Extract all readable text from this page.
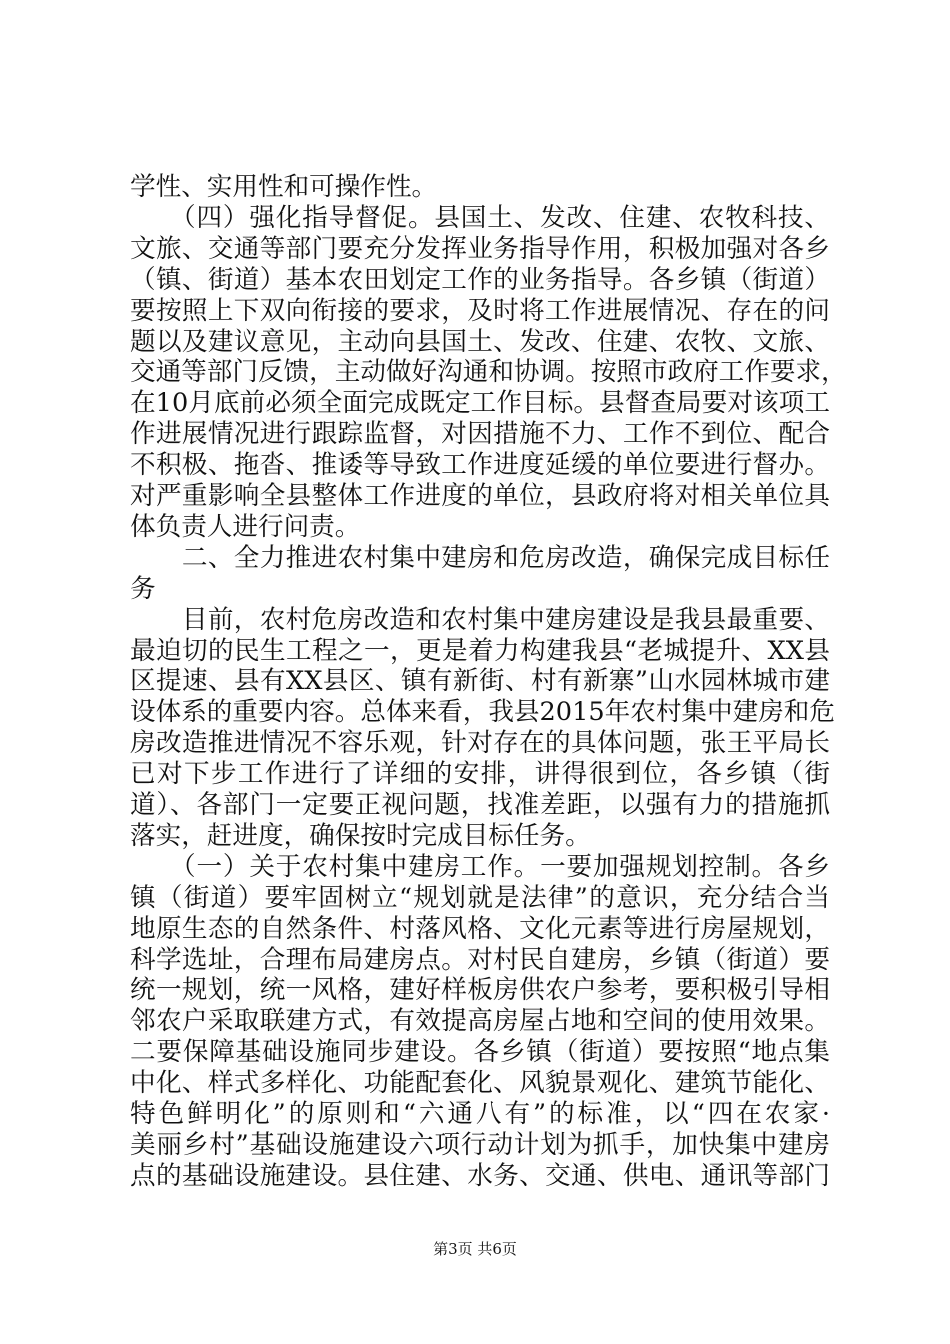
学性、实用性和可操作性。
　　（四）强化指导督促。县国土、发改、住建、农牧科技、
文旅、交通等部门要充分发挥业务指导作用，积极加强对各乡
（镇、街道）基本农田划定工作的业务指导。各乡镇（街道）
要按照上下双向衔接的要求，及时将工作进展情况、存在的问
题以及建议意见，主动向县国土、发改、住建、农牧、文旅、
交通等部门反馈，主动做好沟通和协调。按照市政府工作要求，
在10月底前必须全面完成既定工作目标。县督查局要对该项工
作进展情况进行跟踪监督，对因措施不力、工作不到位、配合
不积极、拖沓、推诿等导致工作进度延缓的单位要进行督办。
对严重影响全县整体工作进度的单位，县政府将对相关单位具
体负责人进行问责。
　　二、全力推进农村集中建房和危房改造，确保完成目标任
务
　　目前，农村危房改造和农村集中建房建设是我县最重要、
最迫切的民生工程之一，更是着力构建我县“老城提升、XX县
区提速、县有XX县区、镇有新街、村有新寨”山水园林城市建
设体系的重要内容。总体来看，我县2015年农村集中建房和危
房改造推进情况不容乐观，针对存在的具体问题，张王平局长
已对下步工作进行了详细的安排，讲得很到位，各乡镇（街
道）、各部门一定要正视问题，找准差距，以强有力的措施抓
落实，赶进度，确保按时完成目标任务。
　　（一）关于农村集中建房工作。一要加强规划控制。各乡
镇（街道）要牢固树立“规划就是法律”的意识，充分结合当
地原生态的自然条件、村落风格、文化元素等进行房屋规划，
科学选址，合理布局建房点。对村民自建房，乡镇（街道）要
统一规划，统一风格，建好样板房供农户参考，要积极引导相
邻农户采取联建方式，有效提高房屋占地和空间的使用效果。
二要保障基础设施同步建设。各乡镇（街道）要按照“地点集
中化、样式多样化、功能配套化、风貌景观化、建筑节能化、
特色鲜明化”的原则和“六通八有”的标准，以“四在农家·
美丽乡村”基础设施建设六项行动计划为抓手，加快集中建房
点的基础设施建设。县住建、水务、交通、供电、通讯等部门
第3页 共6页
